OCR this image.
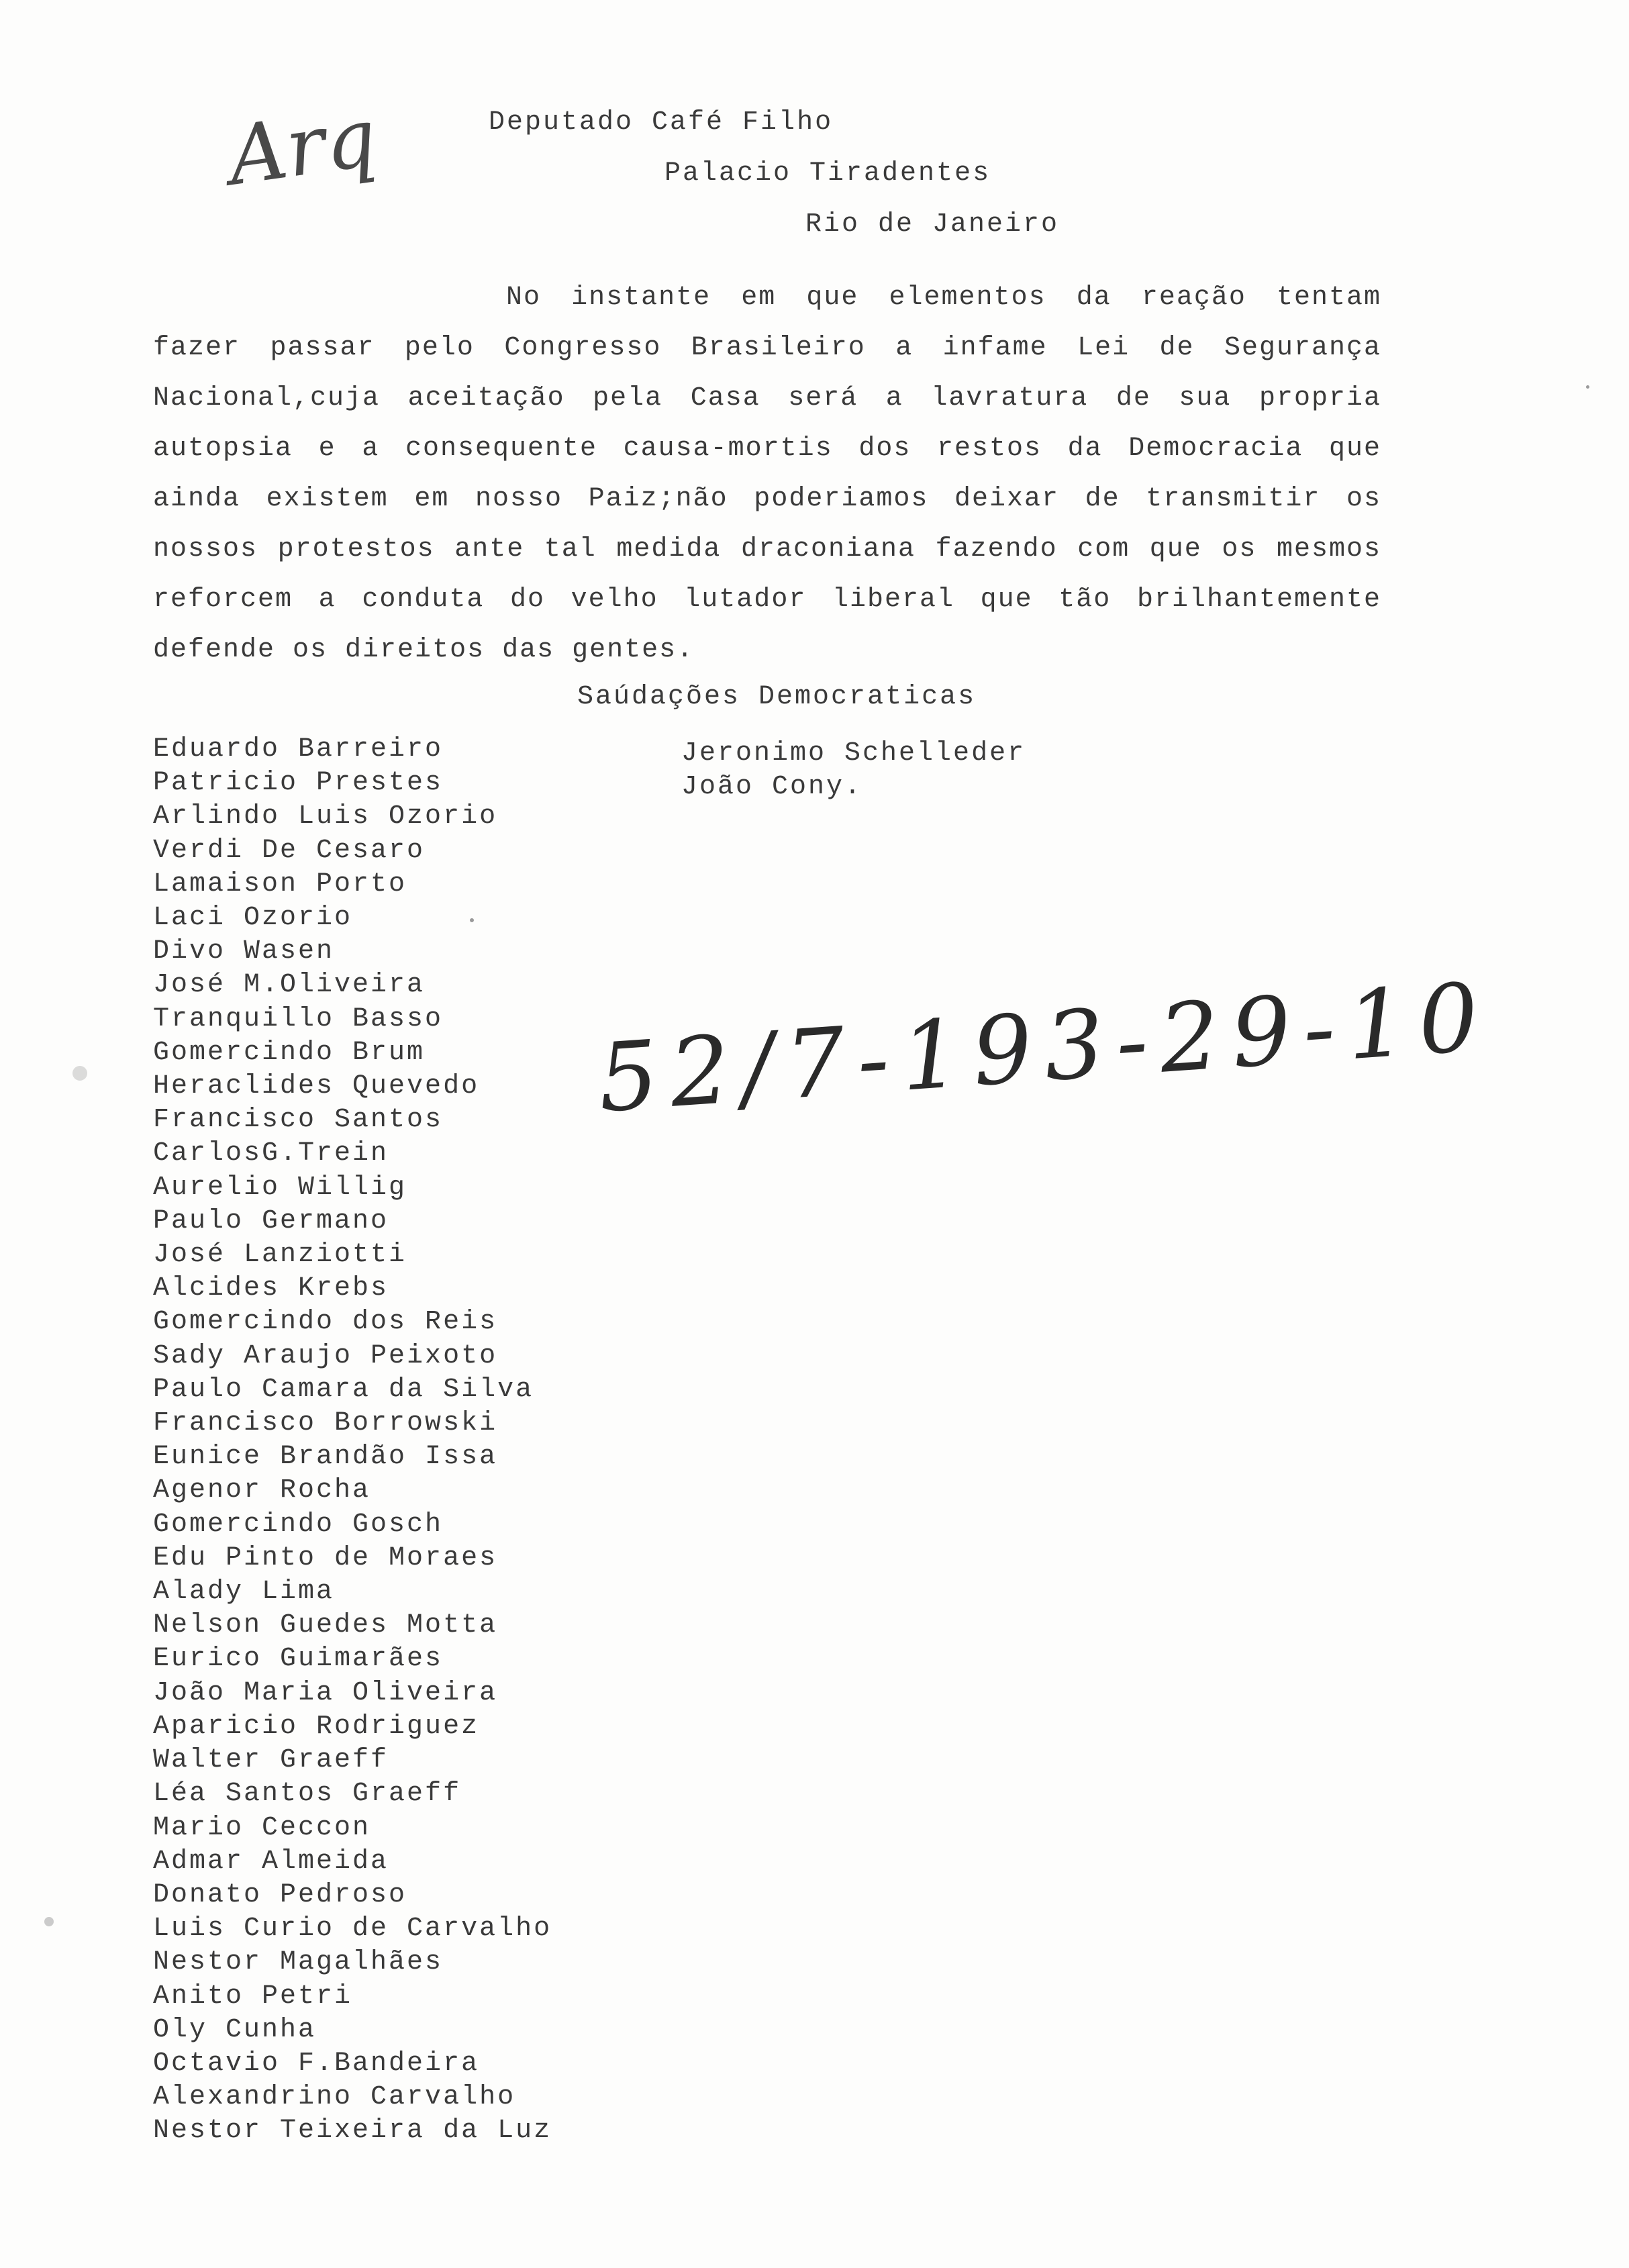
Arq	Deputado Café Filho
Palacio Tiradentes
Rio de Janeiro
No instante em que elementos da reação tentam fazer passar pelo Congresso Brasileiro a infame Lei de Segurança Nacional,cuja aceitação pela Casa será a lavratura de sua propria autopsia e a consequente causa-mortis dos restos da Democracia que ainda existem em nosso Paiz;não poderiamos deixar de transmitir os nossos protestos ante tal medida draconiana fazendo com que os mesmos reforcem a conduta do velho lutador liberal que tão brilhantemente defende os direitos das gentes.
Saúdações Democraticas
Eduardo Barreiro
Patricio Prestes
Arlindo Luis Ozorio
Verdi De Cesaro
Lamaison Porto
Laci Ozorio
Divo Wasen
José M.Oliveira
Tranquillo Basso
Gomercindo Brum
Heraclides Quevedo
Francisco Santos
CarlosG.Trein
Aurelio Willig
Paulo Germano
José Lanziotti
Alcides Krebs
Gomercindo dos Reis
Sady Araujo Peixoto
Paulo Camara da Silva
Francisco Borrowski
Eunice Brandão Issa
Agenor Rocha
Gomercindo Gosch
Edu Pinto de Moraes
Alady Lima
Nelson Guedes Motta
Eurico Guimarães
João Maria Oliveira
Aparicio Rodriguez
Walter Graeff
Léa Santos Graeff
Mario Ceccon
Admar Almeida
Donato Pedroso
Luis Curio de Carvalho
Nestor Magalhães
Anito Petri
Oly Cunha
Octavio F.Bandeira
Alexandrino Carvalho
Nestor Teixeira da Luz
Jeronimo Schelleder
João Cony.
52/7-193-29-10
